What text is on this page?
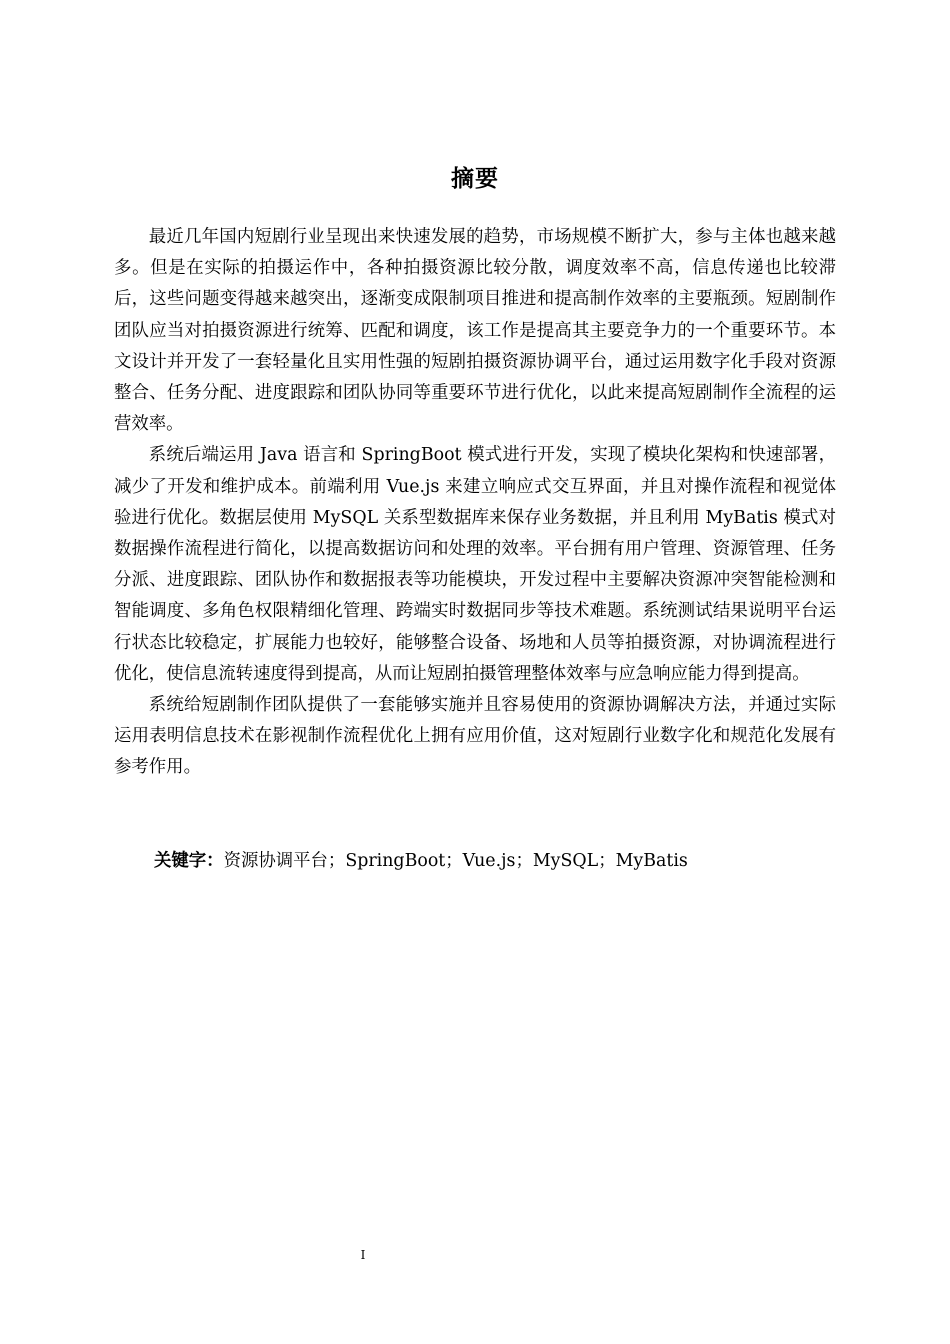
摘要

最近几年国内短剧行业呈现出来快速发展的趋势，市场规模不断扩大，参与主体也越来越多。但是在实际的拍摄运作中，各种拍摄资源比较分散，调度效率不高，信息传递也比较滞后，这些问题变得越来越突出，逐渐变成限制项目推进和提高制作效率的主要瓶颈。短剧制作团队应当对拍摄资源进行统筹、匹配和调度，该工作是提高其主要竞争力的一个重要环节。本文设计并开发了一套轻量化且实用性强的短剧拍摄资源协调平台，通过运用数字化手段对资源整合、任务分配、进度跟踪和团队协同等重要环节进行优化，以此来提高短剧制作全流程的运营效率。

系统后端运用 Java 语言和 SpringBoot 模式进行开发，实现了模块化架构和快速部署，减少了开发和维护成本。前端利用 Vue.js 来建立响应式交互界面，并且对操作流程和视觉体验进行优化。数据层使用 MySQL 关系型数据库来保存业务数据，并且利用 MyBatis 模式对数据操作流程进行简化，以提高数据访问和处理的效率。平台拥有用户管理、资源管理、任务分派、进度跟踪、团队协作和数据报表等功能模块，开发过程中主要解决资源冲突智能检测和智能调度、多角色权限精细化管理、跨端实时数据同步等技术难题。系统测试结果说明平台运行状态比较稳定，扩展能力也较好，能够整合设备、场地和人员等拍摄资源，对协调流程进行优化，使信息流转速度得到提高，从而让短剧拍摄管理整体效率与应急响应能力得到提高。

系统给短剧制作团队提供了一套能够实施并且容易使用的资源协调解决方法，并通过实际运用表明信息技术在影视制作流程优化上拥有应用价值，这对短剧行业数字化和规范化发展有参考作用。

关键字：资源协调平台；SpringBoot；Vue.js；MySQL；MyBatis
I
